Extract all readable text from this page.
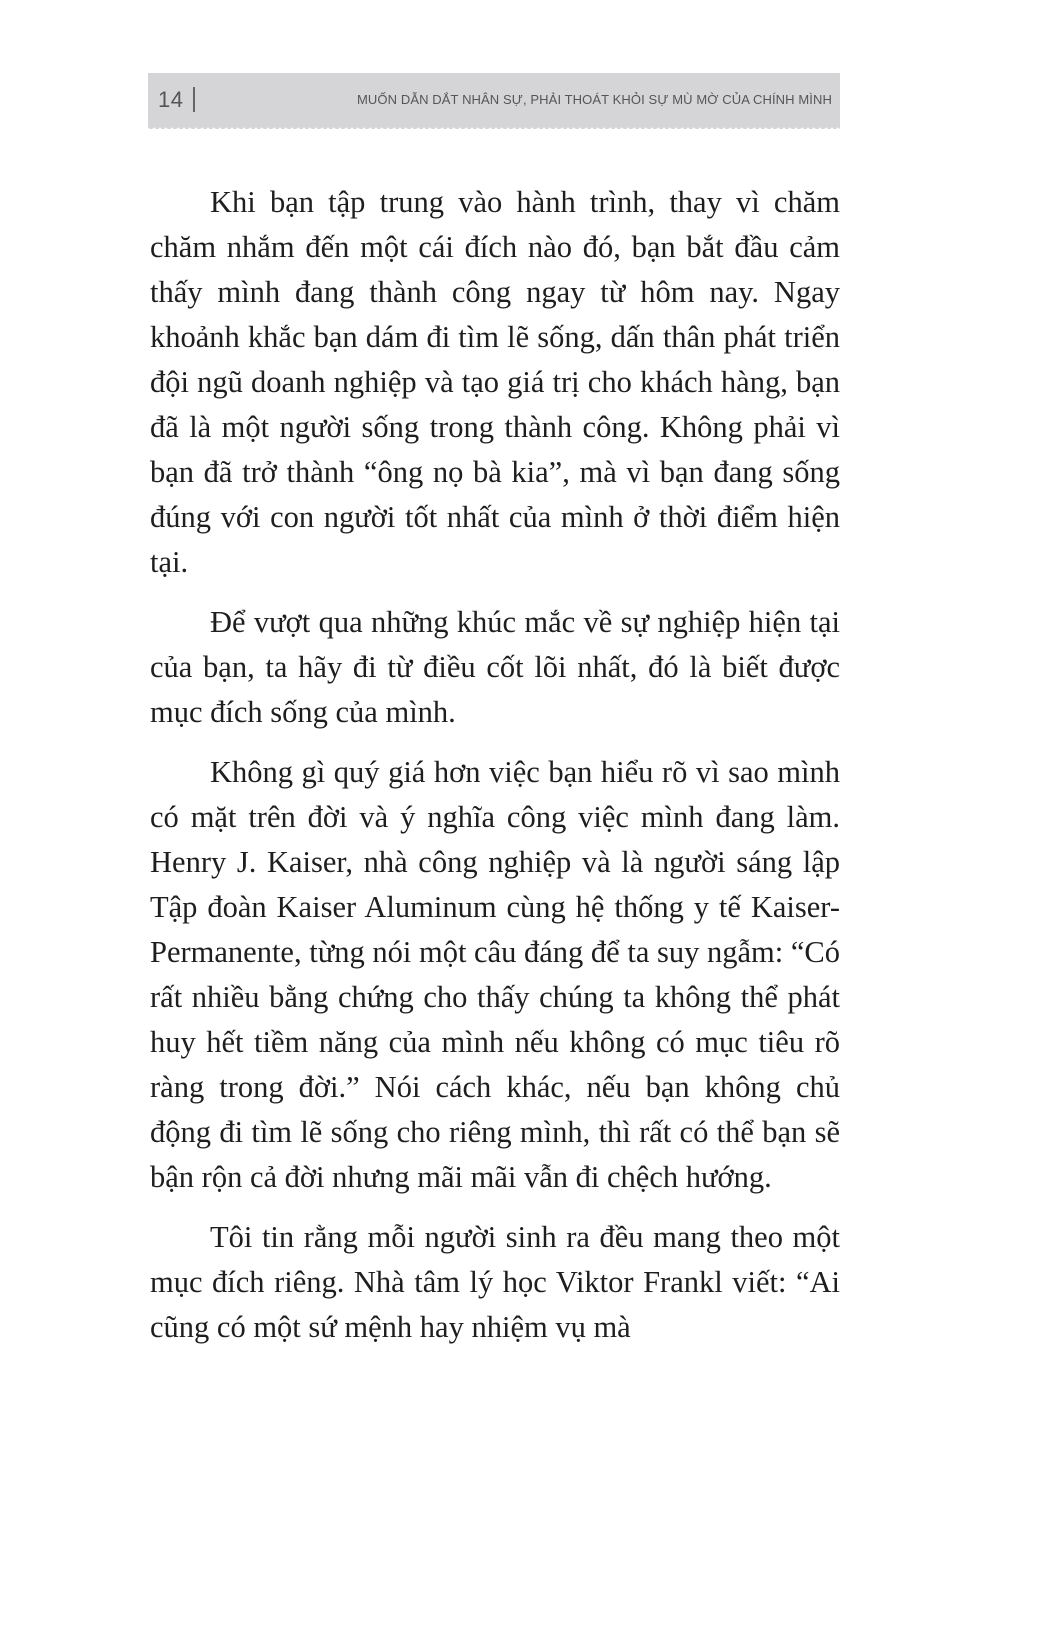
14	MUỐN DẪN DẮT NHÂN SỰ, PHẢI THOÁT KHỎI SỰ MÙ MỜ CỦA CHÍNH MÌNH

Khi bạn tập trung vào hành trình, thay vì chăm chăm nhắm đến một cái đích nào đó, bạn bắt đầu cảm thấy mình đang thành công ngay từ hôm nay. Ngay khoảnh khắc bạn dám đi tìm lẽ sống, dấn thân phát triển đội ngũ doanh nghiệp và tạo giá trị cho khách hàng, bạn đã là một người sống trong thành công. Không phải vì bạn đã trở thành “ông nọ bà kia”, mà vì bạn đang sống đúng với con người tốt nhất của mình ở thời điểm hiện tại.

Để vượt qua những khúc mắc về sự nghiệp hiện tại của bạn, ta hãy đi từ điều cốt lõi nhất, đó là biết được mục đích sống của mình.

Không gì quý giá hơn việc bạn hiểu rõ vì sao mình có mặt trên đời và ý nghĩa công việc mình đang làm. Henry J. Kaiser, nhà công nghiệp và là người sáng lập Tập đoàn Kaiser Aluminum cùng hệ thống y tế Kaiser-Permanente, từng nói một câu đáng để ta suy ngẫm: “Có rất nhiều bằng chứng cho thấy chúng ta không thể phát huy hết tiềm năng của mình nếu không có mục tiêu rõ ràng trong đời.” Nói cách khác, nếu bạn không chủ động đi tìm lẽ sống cho riêng mình, thì rất có thể bạn sẽ bận rộn cả đời nhưng mãi mãi vẫn đi chệch hướng.

Tôi tin rằng mỗi người sinh ra đều mang theo một mục đích riêng. Nhà tâm lý học Viktor Frankl viết: “Ai cũng có một sứ mệnh hay nhiệm vụ mà
